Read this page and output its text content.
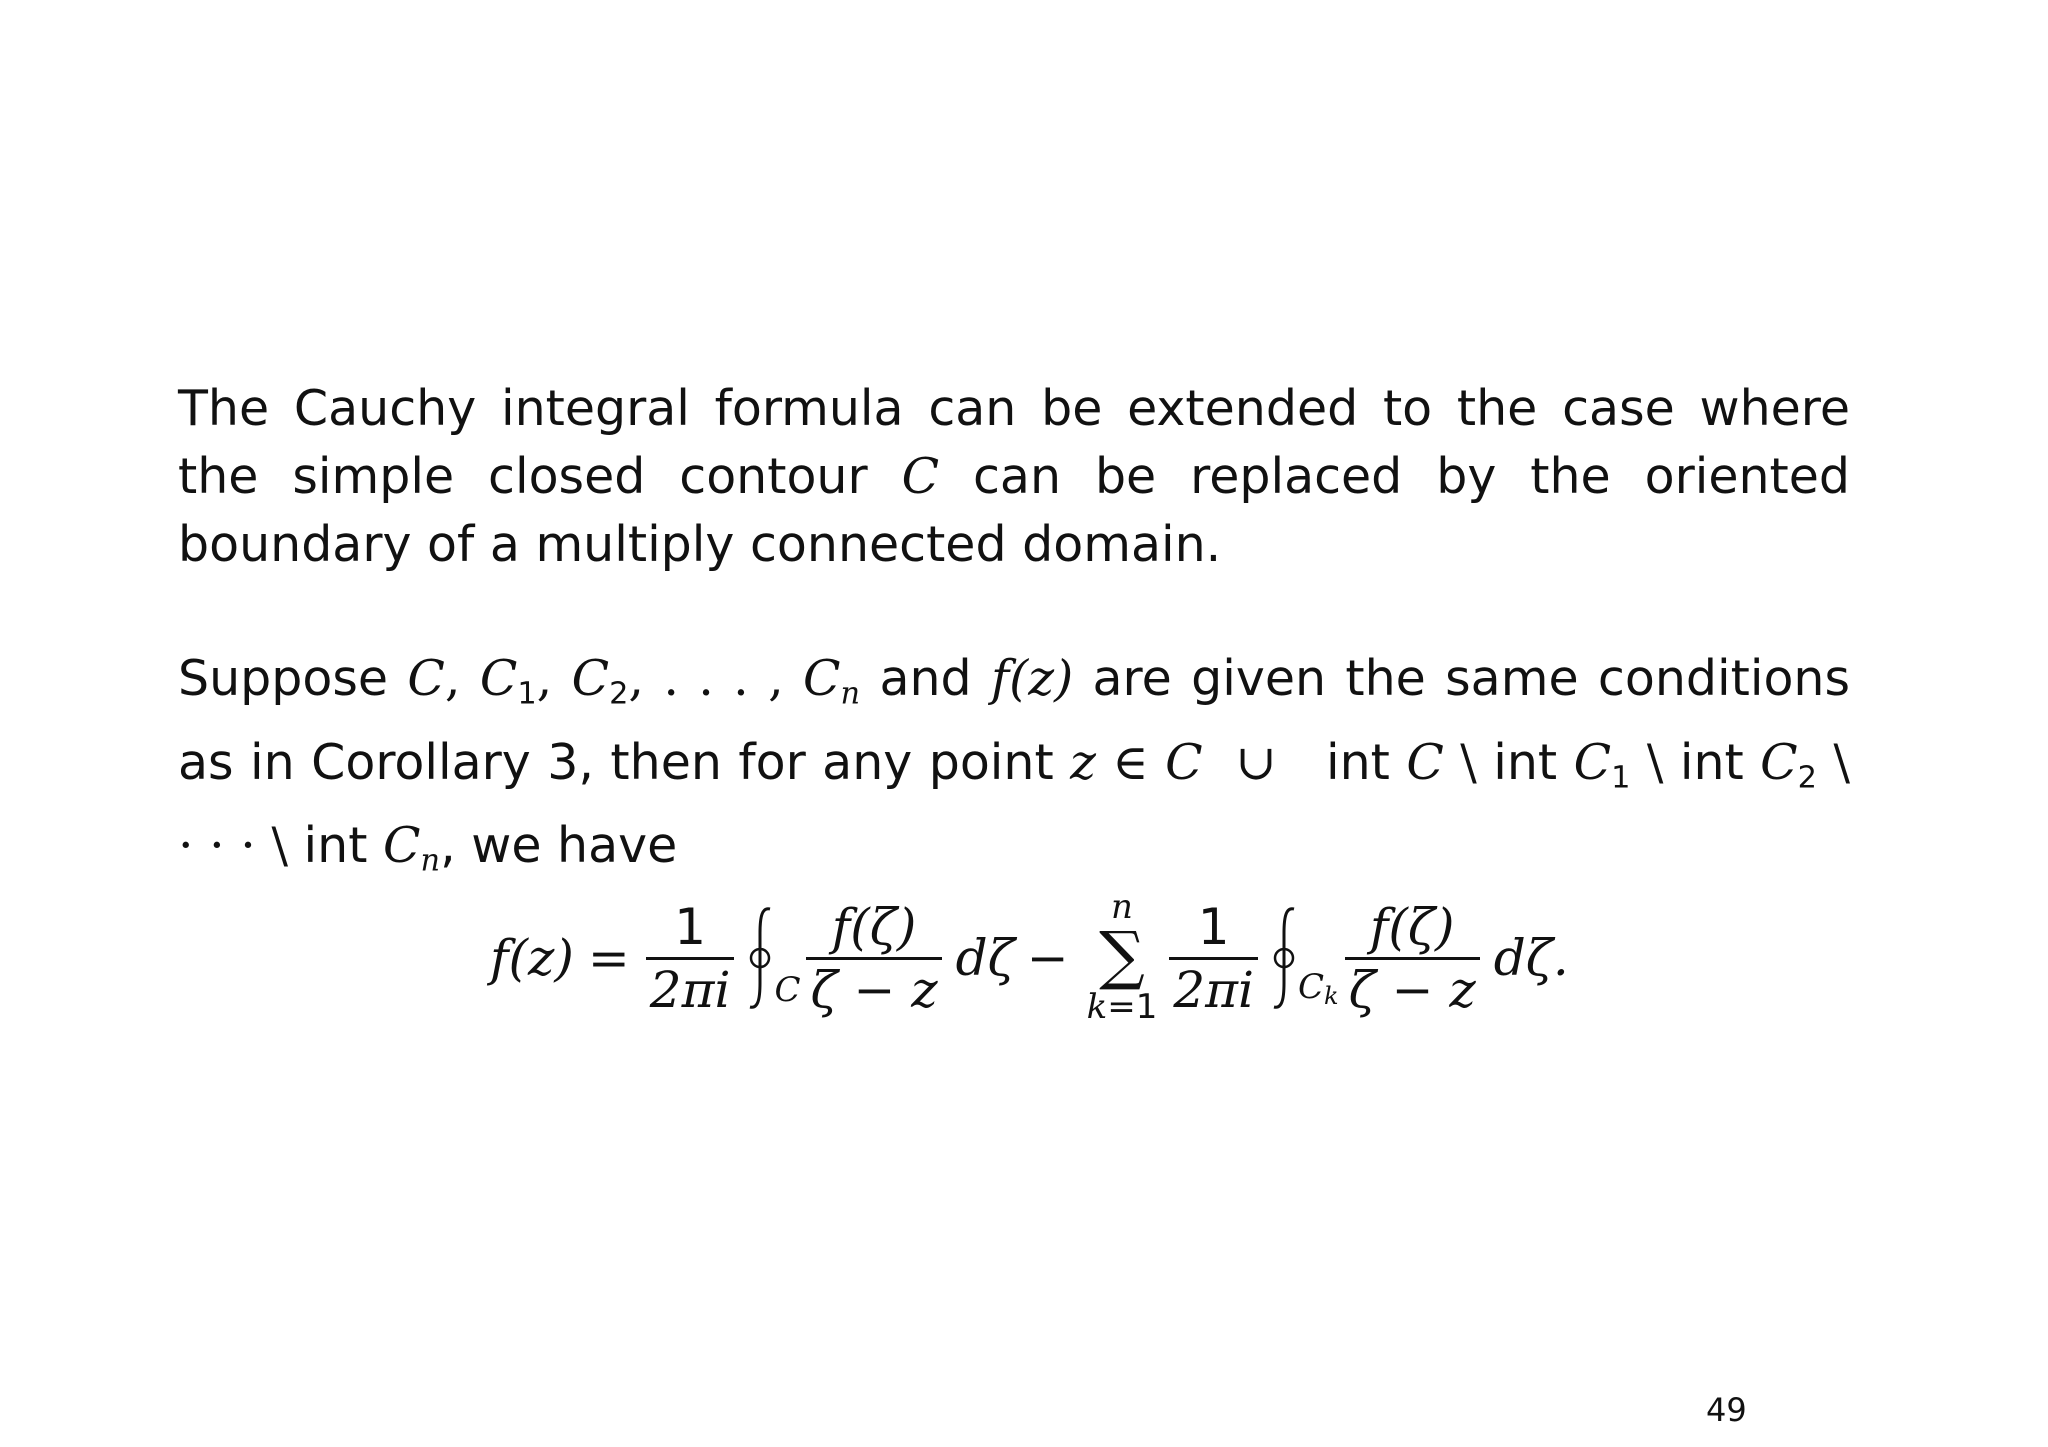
The Cauchy integral formula can be extended to the case where the simple closed contour C can be replaced by the oriented boundary of a multiply connected domain.

Suppose C, $C_1$, $C_2$, . . . , Cn and f(z) are given the same conditions as in Corollary 3, then for any point z ∈ C  ∪   int C \ int $C_1$ \ int $C_2$ \ · · · \ int Cn, we have

$f(z) = \frac{1}{2\pi i}$ C $\frac{f(\zeta)}{\zeta - z}$ dζ −
n
∑
$k=1 \frac{1}{2\pi i}$ Ck $\frac{f(\zeta)}{\zeta - z} d\zeta$.
49
